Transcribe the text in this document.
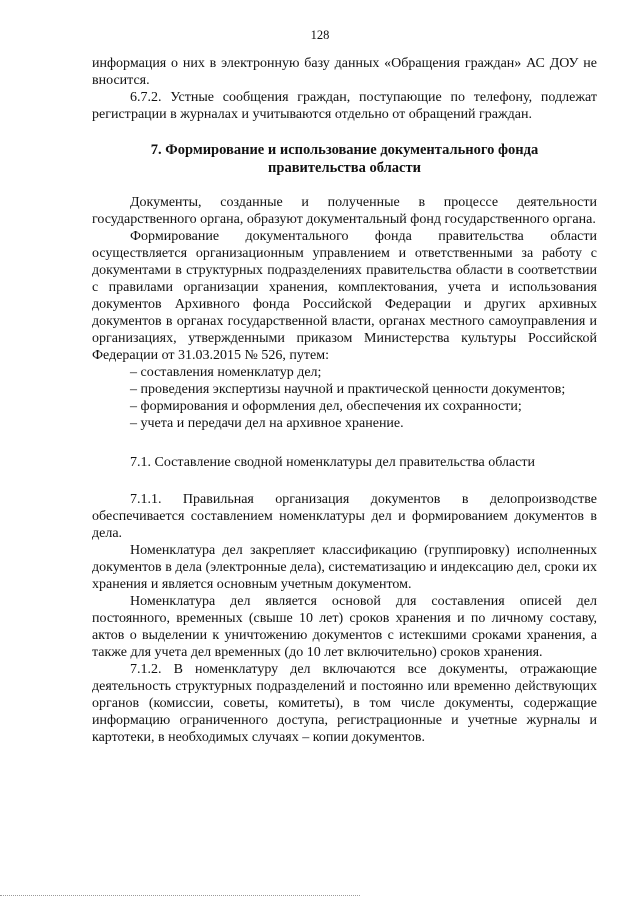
128

информация о них в электронную базу данных «Обращения граждан» АС ДОУ не вносится.

6.7.2. Устные сообщения граждан, поступающие по телефону, подлежат регистрации в журналах и учитываются отдельно от обращений граждан.

7. Формирование и использование документального фонда правительства области

Документы, созданные и полученные в процессе деятельности государственного органа, образуют документальный фонд государственного органа.

Формирование документального фонда правительства области осуществляется организационным управлением и ответственными за работу с документами в структурных подразделениях правительства области в соответствии с правилами организации хранения, комплектования, учета и использования документов Архивного фонда Российской Федерации и других архивных документов в органах государственной власти, органах местного самоуправления и организациях, утвержденными приказом Министерства культуры Российской Федерации от 31.03.2015 № 526, путем:

– составления номенклатур дел;

– проведения экспертизы научной и практической ценности документов;

– формирования и оформления дел, обеспечения их сохранности;

– учета и передачи дел на архивное хранение.

7.1. Составление сводной номенклатуры дел правительства области

7.1.1. Правильная организация документов в делопроизводстве обеспечивается составлением номенклатуры дел и формированием документов в дела.

Номенклатура дел закрепляет классификацию (группировку) исполненных документов в дела (электронные дела), систематизацию и индексацию дел, сроки их хранения и является основным учетным документом.

Номенклатура дел является основой для составления описей дел постоянного, временных (свыше 10 лет) сроков хранения и по личному составу, актов о выделении к уничтожению документов с истекшими сроками хранения, а также для учета дел временных (до 10 лет включительно) сроков хранения.

7.1.2. В номенклатуру дел включаются все документы, отражающие деятельность структурных подразделений и постоянно или временно действующих органов (комиссии, советы, комитеты), в том числе документы, содержащие информацию ограниченного доступа, регистрационные и учетные журналы и картотеки, в необходимых случаях – копии документов.
